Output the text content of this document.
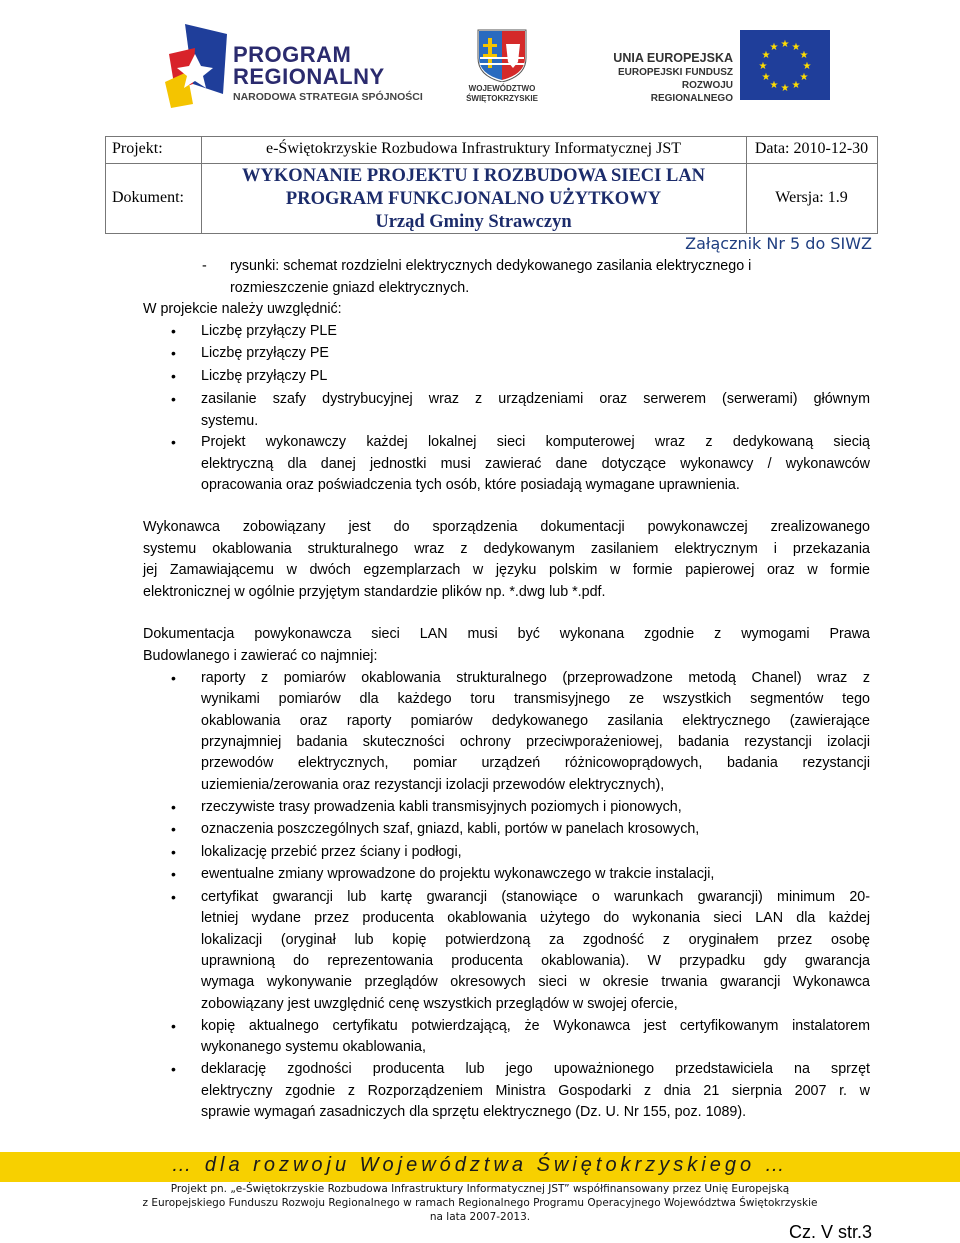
PROGRAM
REGIONALNY
NARODOWA STRATEGIA SPÓJNOŚCI
WOJEWÓDZTWO
ŚWIĘTOKRZYSKIE
UNIA EUROPEJSKA
EUROPEJSKI FUNDUSZ
ROZWOJU REGIONALNEGO
★ ★
★
★
★
★
★
★
★
★
★
★
Projekt:	e-Świętokrzyskie Rozbudowa Infrastruktury Informatycznej JST	Data: 2010-12-30
Dokument:
WYKONANIE PROJEKTU I ROZBUDOWA SIECI LAN
PROGRAM FUNKCJONALNO UŻYTKOWY
Urząd Gminy Strawczyn
Wersja: 1.9
Załącznik Nr 5 do SIWZ
- rysunki: schemat rozdzielni elektrycznych dedykowanego zasilania elektrycznego i
rozmieszczenie gniazd elektrycznych.
W projekcie należy uwzględnić:
• Liczbę przyłączy PLE
• Liczbę przyłączy PE
• Liczbę przyłączy PL
• zasilanie szafy dystrybucyjnej wraz z urządzeniami oraz serwerem (serwerami) głównym
systemu.
• Projekt wykonawczy każdej lokalnej sieci komputerowej wraz z dedykowaną siecią
elektryczną dla danej jednostki musi zawierać dane dotyczące wykonawcy / wykonawców
opracowania oraz poświadczenia tych osób, które posiadają wymagane uprawnienia.
Wykonawca zobowiązany jest do sporządzenia dokumentacji powykonawczej zrealizowanego
systemu okablowania strukturalnego wraz z dedykowanym zasilaniem elektrycznym i przekazania
jej Zamawiającemu w dwóch egzemplarzach w języku polskim w formie papierowej oraz w formie
elektronicznej w ogólnie przyjętym standardzie plików np. *.dwg lub *.pdf.
Dokumentacja powykonawcza sieci LAN musi być wykonana zgodnie z wymogami Prawa
Budowlanego i zawierać co najmniej:
• raporty z pomiarów okablowania strukturalnego (przeprowadzone metodą Chanel) wraz z
wynikami pomiarów dla każdego toru transmisyjnego ze wszystkich segmentów tego
okablowania oraz raporty pomiarów dedykowanego zasilania elektrycznego (zawierające
przynajmniej badania skuteczności ochrony przeciwporażeniowej, badania rezystancji izolacji
przewodów elektrycznych, pomiar urządzeń różnicowoprądowych, badania rezystancji
uziemienia/zerowania oraz rezystancji izolacji przewodów elektrycznych),
• rzeczywiste trasy prowadzenia kabli transmisyjnych poziomych i pionowych,
• oznaczenia poszczególnych szaf, gniazd, kabli, portów w panelach krosowych,
• lokalizację przebić przez ściany i podłogi,
• ewentualne zmiany wprowadzone do projektu wykonawczego w trakcie instalacji,
• certyfikat gwarancji lub kartę gwarancji (stanowiące o warunkach gwarancji) minimum 20-
letniej wydane przez producenta okablowania użytego do wykonania sieci LAN dla każdej
lokalizacji (oryginał lub kopię potwierdzoną za zgodność z oryginałem przez osobę
uprawnioną do reprezentowania producenta okablowania). W przypadku gdy gwarancja
wymaga wykonywanie przeglądów okresowych sieci w okresie trwania gwarancji Wykonawca
zobowiązany jest uwzględnić cenę wszystkich przeglądów w swojej ofercie,
• kopię aktualnego certyfikatu potwierdzającą, że Wykonawca jest certyfikowanym instalatorem
wykonanego systemu okablowania,
• deklarację zgodności producenta lub jego upoważnionego przedstawiciela na sprzęt
elektryczny zgodnie z Rozporządzeniem Ministra Gospodarki z dnia 21 sierpnia 2007 r. w
sprawie wymagań zasadniczych dla sprzętu elektrycznego (Dz. U. Nr 155, poz. 1089).
… dla rozwoju Województwa Świętokrzyskiego …
Projekt pn. „e-Świętokrzyskie Rozbudowa Infrastruktury Informatycznej JST” współfinansowany przez Unię Europejską
z Europejskiego Funduszu Rozwoju Regionalnego w ramach Regionalnego Programu Operacyjnego Województwa Świętokrzyskie
na lata 2007-2013.
Cz. V str.3
